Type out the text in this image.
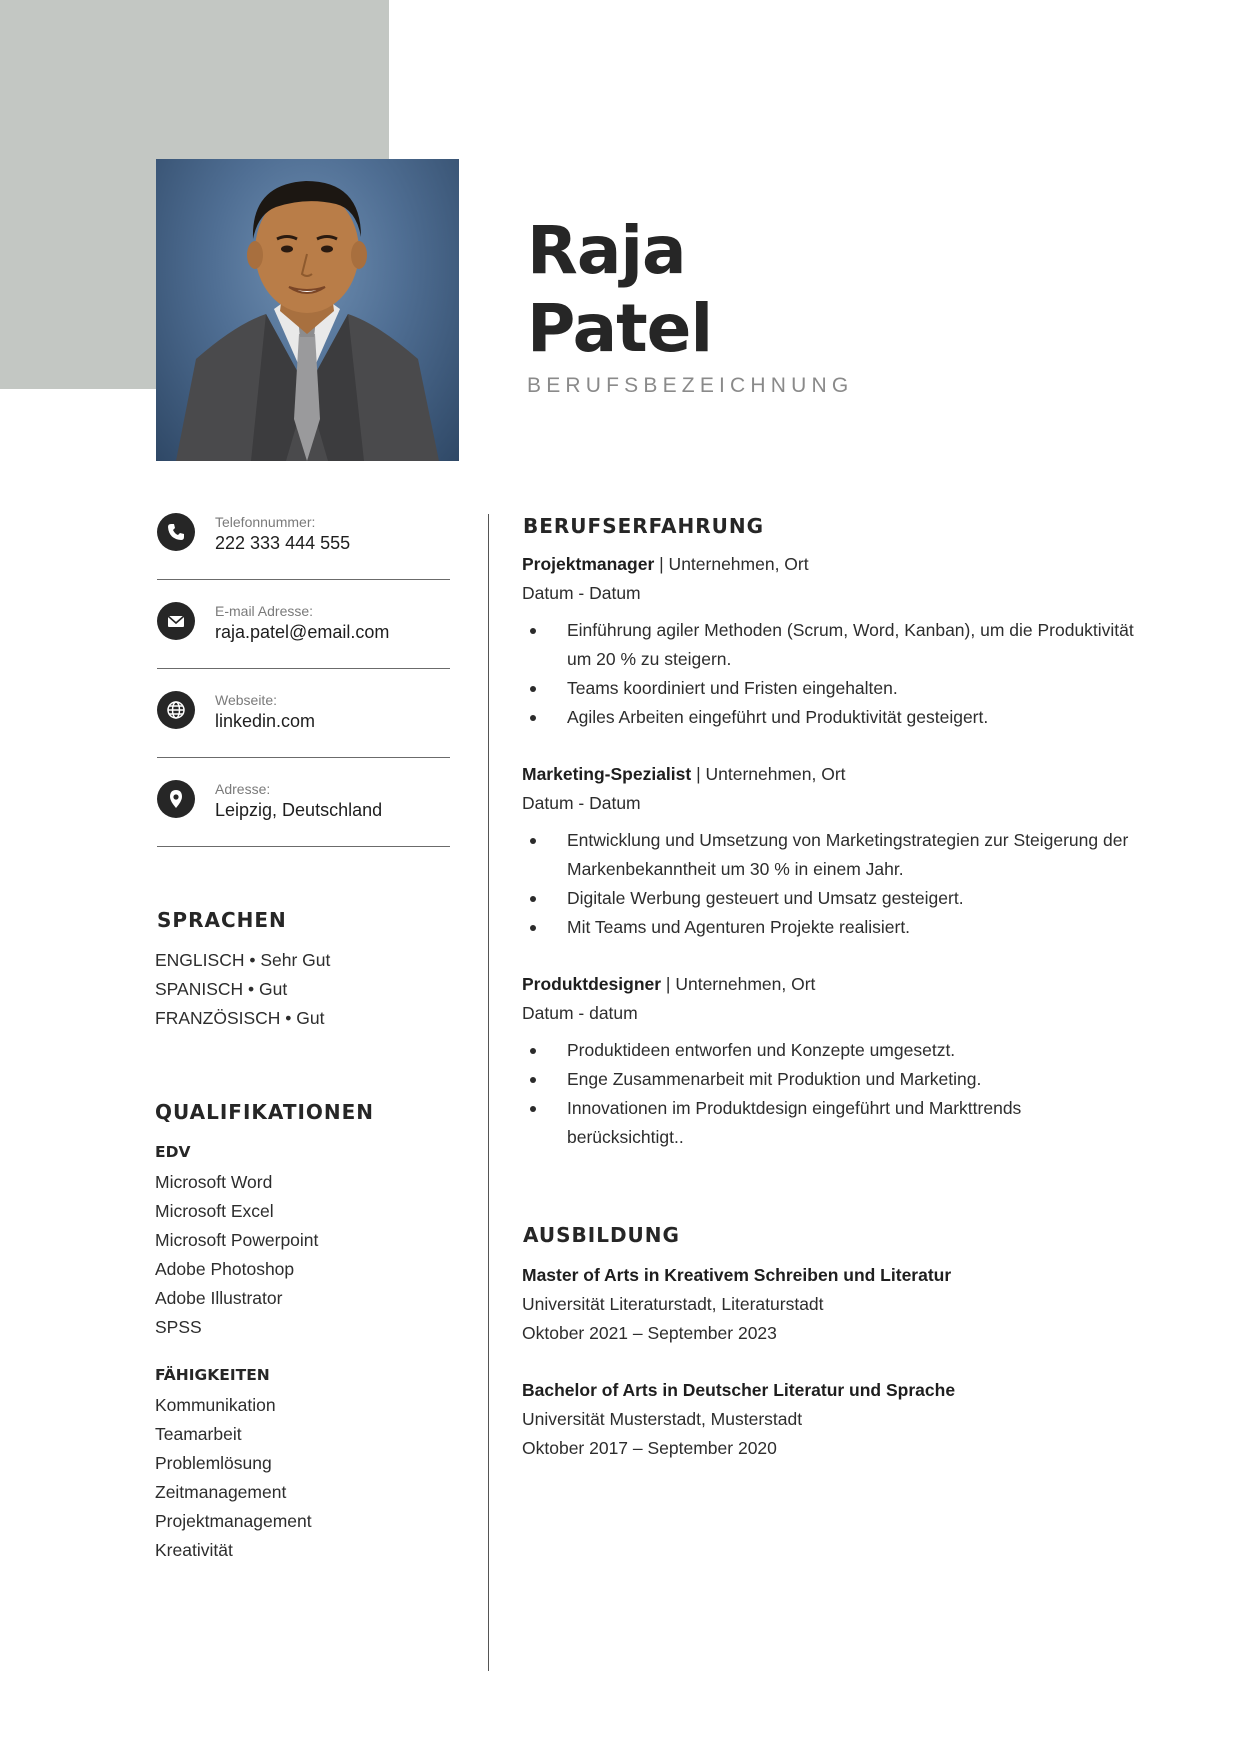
Raja
Patel
BERUFSBEZEICHNUNG
Telefonnummer:
222 333 444 555
E-mail Adresse:
raja.patel@email.com
Webseite:
linkedin.com
Adresse:
Leipzig, Deutschland
SPRACHEN
ENGLISCH • Sehr Gut
SPANISCH • Gut
FRANZÖSISCH • Gut
QUALIFIKATIONEN
EDV
Microsoft Word
Microsoft Excel
Microsoft Powerpoint
Adobe Photoshop
Adobe Illustrator
SPSS
FÄHIGKEITEN
Kommunikation
Teamarbeit
Problemlösung
Zeitmanagement
Projektmanagement
Kreativität
BERUFSERFAHRUNG
Projektmanager | Unternehmen, Ort
Datum - Datum
Einführung agiler Methoden (Scrum, Word, Kanban), um die Produktivität um 20 % zu steigern.
Teams koordiniert und Fristen eingehalten.
Agiles Arbeiten eingeführt und Produktivität gesteigert.
Marketing-Spezialist | Unternehmen, Ort
Datum - Datum
Entwicklung und Umsetzung von Marketingstrategien zur Steigerung der Markenbekanntheit um 30 % in einem Jahr.
Digitale Werbung gesteuert und Umsatz gesteigert.
Mit Teams und Agenturen Projekte realisiert.
Produktdesigner | Unternehmen, Ort
Datum - datum
Produktideen entworfen und Konzepte umgesetzt.
Enge Zusammenarbeit mit Produktion und Marketing.
Innovationen im Produktdesign eingeführt und Markttrends berücksichtigt..
AUSBILDUNG
Master of Arts in Kreativem Schreiben und Literatur
Universität Literaturstadt, Literaturstadt
Oktober 2021 – September 2023
Bachelor of Arts in Deutscher Literatur und Sprache
Universität Musterstadt, Musterstadt
Oktober 2017 – September 2020
